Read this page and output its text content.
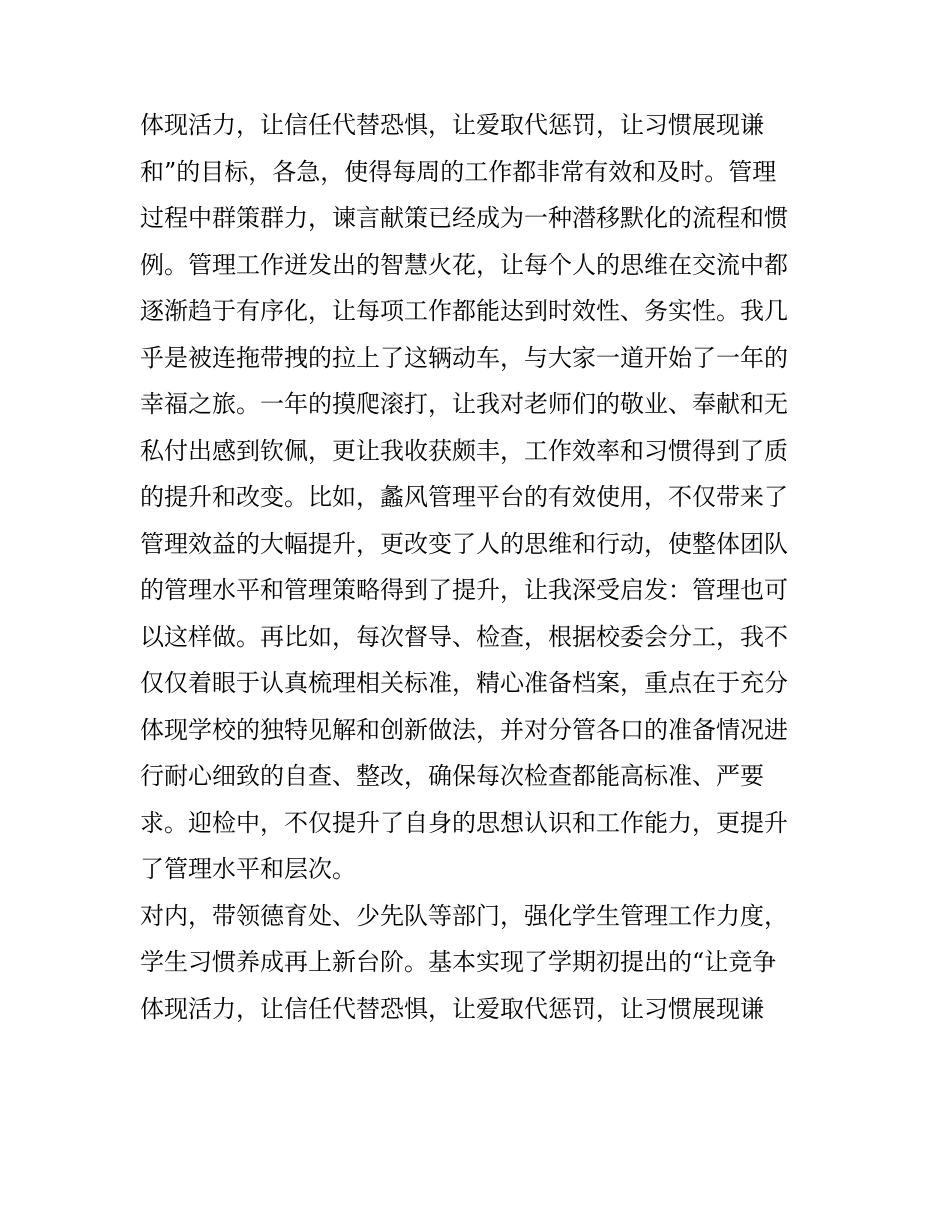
体现活力，让信任代替恐惧，让爱取代惩罚，让习惯展现谦
和”的目标，各急，使得每周的工作都非常有效和及时。管理
过程中群策群力，谏言献策已经成为一种潜移默化的流程和惯
例。管理工作迸发出的智慧火花，让每个人的思维在交流中都
逐渐趋于有序化，让每项工作都能达到时效性、务实性。我几
乎是被连拖带拽的拉上了这辆动车，与大家一道开始了一年的
幸福之旅。一年的摸爬滚打，让我对老师们的敬业、奉献和无
私付出感到钦佩，更让我收获颇丰，工作效率和习惯得到了质
的提升和改变。比如，蠡风管理平台的有效使用，不仅带来了
管理效益的大幅提升，更改变了人的思维和行动，使整体团队
的管理水平和管理策略得到了提升，让我深受启发：管理也可
以这样做。再比如，每次督导、检查，根据校委会分工，我不
仅仅着眼于认真梳理相关标准，精心准备档案，重点在于充分
体现学校的独特见解和创新做法，并对分管各口的准备情况进
行耐心细致的自查、整改，确保每次检查都能高标准、严要
求。迎检中，不仅提升了自身的思想认识和工作能力，更提升
了管理水平和层次。
对内，带领德育处、少先队等部门，强化学生管理工作力度，
学生习惯养成再上新台阶。基本实现了学期初提出的“让竞争
体现活力，让信任代替恐惧，让爱取代惩罚，让习惯展现谦
